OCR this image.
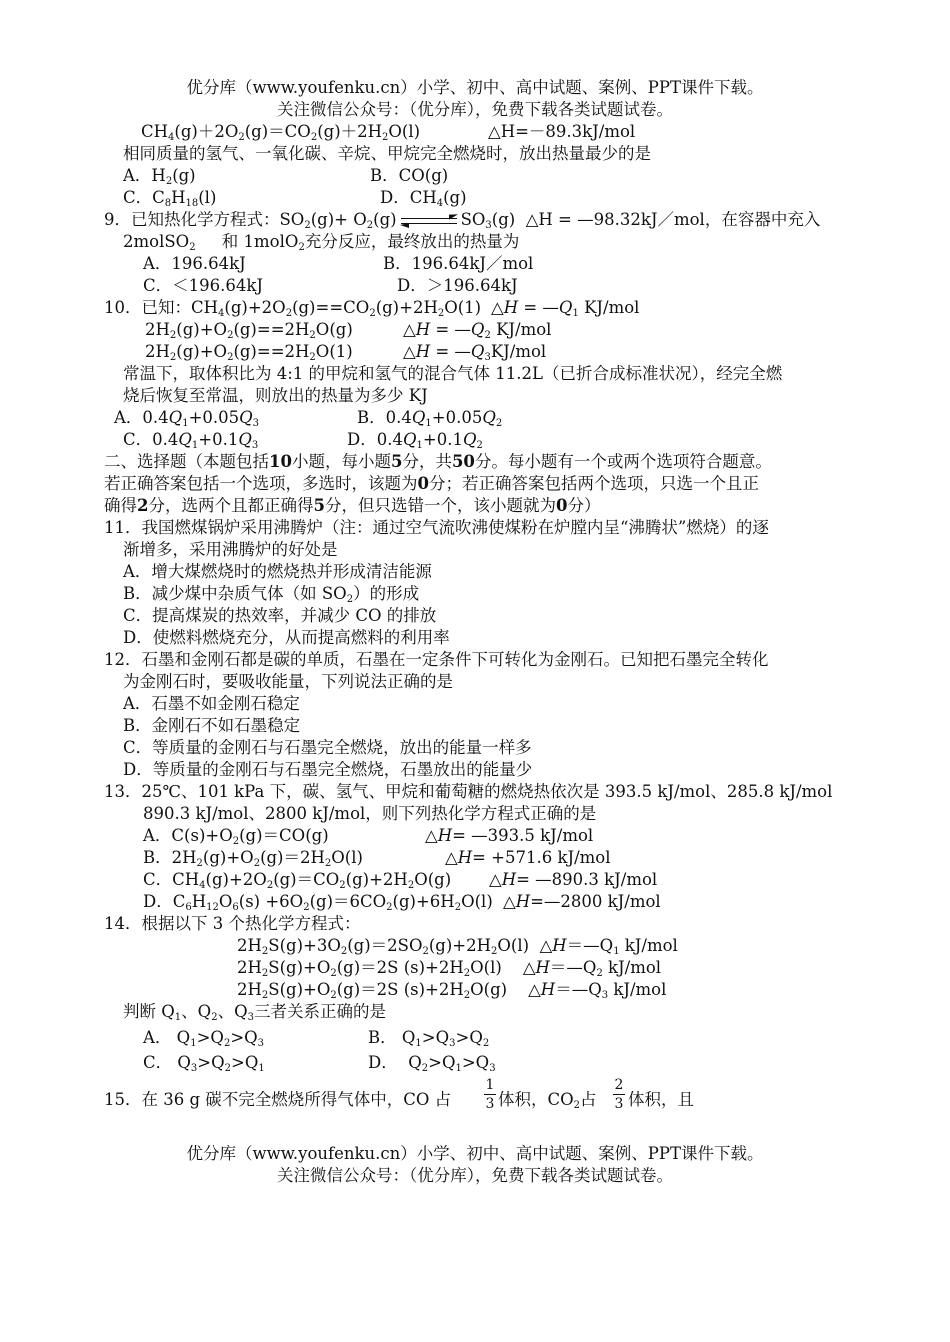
优分库（www.youfenku.cn）小学、初中、高中试题、案例、PPT课件下载。
关注微信公众号：（优分库），免费下载各类试题试卷。
$CH_4(g)+2O_2(g)=CO_2(g)+2H_2O(l)$	△H=－89.3kJ/mol
相同质量的氢气、一氧化碳、辛烷、甲烷完全燃烧时，放出热量最少的是
A．$H_2(g)$	B．CO(g)
C．$C_8H_{18}(l)$	D．$CH_4(g)$
9．已知热化学方程式：$SO_2(g)+ O_2(g)$	$SO_3(g)$  △H = —98.32kJ／mol，在容器中充入
2molSO$_2$ 和 1molO$_2$充分反应，最终放出的热量为
A．196.64kJ	B．196.64kJ／mol
C．＜196.64kJ	D．＞196.64kJ
10．已知：$CH_4(g)+2O_2(g)==CO_2(g)+2H_2O(1)$ △H = $—Q_1$ KJ/mol
$2H_2(g)+O_2(g)==2H_2O(g)$	△H = $—Q_2$ KJ/mol
$2H_2(g)+O_2(g)==2H_2O(1)$	△H = $—Q_3KJ$/mol
常温下，取体积比为 4:1 的甲烷和氢气的混合气体 11.2L（已折合成标准状况），经完全燃
烧后恢复至常温，则放出的热量为多少 KJ
A．$0.4Q_1+0.05Q_3$	B．$0.4Q_1+0.05Q_2$
C．$0.4Q_1+0.1Q_3$	D．$0.4Q_1+0.1Q_2$
二、选择题（本题包括10小题，每小题5分，共50分。每小题有一个或两个选项符合题意。
若正确答案包括一个选项，多选时，该题为0分；若正确答案包括两个选项，只选一个且正
确得2分，选两个且都正确得5分，但只选错一个，该小题就为0分）
11．我国燃煤锅炉采用沸腾炉（注：通过空气流吹沸使煤粉在炉膛内呈“沸腾状”燃烧）的逐
渐增多，采用沸腾炉的好处是
A．增大煤燃烧时的燃烧热并形成清洁能源
B．减少煤中杂质气体（如 $SO_2$）的形成
C．提高煤炭的热效率，并减少 CO 的排放
D．使燃料燃烧充分，从而提高燃料的利用率
12．石墨和金刚石都是碳的单质，石墨在一定条件下可转化为金刚石。已知把石墨完全转化
为金刚石时，要吸收能量，下列说法正确的是
A．石墨不如金刚石稳定
B．金刚石不如石墨稳定
C．等质量的金刚石与石墨完全燃烧，放出的能量一样多
D．等质量的金刚石与石墨完全燃烧，石墨放出的能量少
13．25℃、101 kPa 下，碳、氢气、甲烷和葡萄糖的燃烧热依次是 393.5 kJ/mol、285.8 kJ/mol
890.3 kJ/mol、2800 kJ/mol，则下列热化学方程式正确的是
A．$C(s)+O_2(g)=CO(g)$	△H= —393.5 kJ/mol
B．$2H_2(g)+O_2(g)=2H_2O(l)$	△H= +571.6 kJ/mol
C．$CH_4(g)+2O_2(g)=CO_2(g)+2H_2O(g)$ △H= —890.3 kJ/mol
D．$C_6H_{12}O_6(s) +6O_2(g)=6CO_2(g)+6H_2O(l)$ △H=—2800 kJ/mol
14．根据以下 3 个热化学方程式：
$2H_2S(g)+3O_2(g)=2SO_2(g)+2H_2O(l)$  $\triangle H=—Q_1$ kJ/mol
$2H_2S(g)+O_2(g)=2S$ $(s)+2H_2O(l)$    $\triangle H=—Q_2$ kJ/mol
$2H_2S(g)+O_2(g)=2S$ $(s)+2H_2O(g)$    $\triangle H=—Q_3$ kJ/mol
判断 $Q_1$、$Q_2$、$Q_3$三者关系正确的是
A． $Q_1>Q_2>Q_3$	B． $Q_1>Q_3>Q_2$
C． $Q_3>Q_2>Q_1$	D．  $Q_2>Q_1>Q_3$
15．在 36 g 碳不完全燃烧所得气体中，CO 占
1
3 体积，$CO_2$占
2
3 体积，且
优分库（www.youfenku.cn）小学、初中、高中试题、案例、PPT课件下载。
关注微信公众号：（优分库），免费下载各类试题试卷。
